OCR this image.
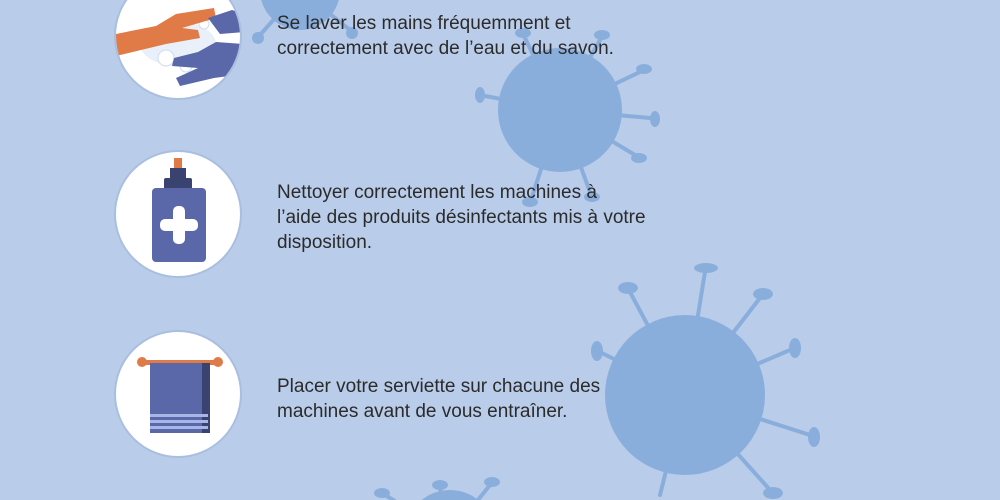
Se laver les mains fréquemment et

correctement avec de l’eau et du savon.

Nettoyer correctement les machines à

l’aide des produits désinfectants mis à votre

disposition.

Placer votre serviette sur chacune des

machines avant de vous entraîner.
